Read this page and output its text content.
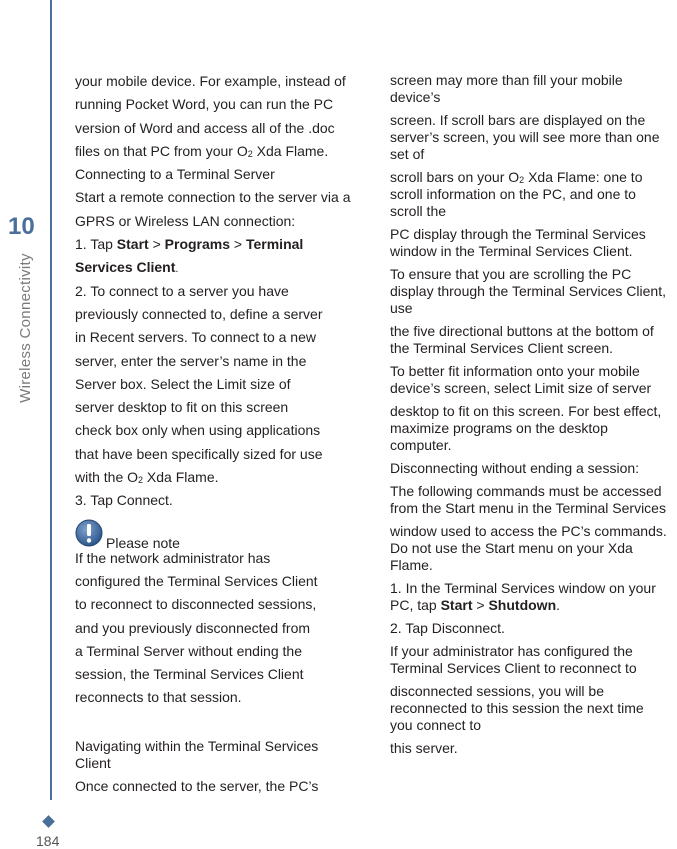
10
Wireless Connectivity
184

your mobile device. For example, instead of

running Pocket Word, you can run the PC

version of Word and access all of the .doc

files on that PC from your $O_2$ Xda Flame.

Connecting to a Terminal Server

Start a remote connection to the server via a

GPRS or Wireless LAN connection:

1. Tap Start > Programs > Terminal

Services Client.

2. To connect to a server you have

previously connected to, define a server

in Recent servers. To connect to a new

server, enter the server’s name in the

Server box. Select the Limit size of

server desktop to fit on this screen

check box only when using applications

that have been specifically sized for use

with the $O_2$ Xda Flame.

3. Tap Connect.

Please note

If the network administrator has

configured the Terminal Services Client

to reconnect to disconnected sessions,

and you previously disconnected from

a Terminal Server without ending the

session, the Terminal Services Client

reconnects to that session.

Navigating within the Terminal Services Client

Once connected to the server, the PC’s

screen may more than fill your mobile device’s

screen. If scroll bars are displayed on the server’s screen, you will see more than one set of

scroll bars on your $O_2$ Xda Flame: one to scroll information on the PC, and one to scroll the

PC display through the Terminal Services window in the Terminal Services Client.

To ensure that you are scrolling the PC display through the Terminal Services Client, use

the five directional buttons at the bottom of the Terminal Services Client screen.

To better fit information onto your mobile device’s screen, select Limit size of server

desktop to fit on this screen. For best effect, maximize programs on the desktop computer.

Disconnecting without ending a session:

The following commands must be accessed from the Start menu in the Terminal Services

window used to access the PC’s commands. Do not use the Start menu on your Xda Flame.

1. In the Terminal Services window on your PC, tap Start > Shutdown.

2. Tap Disconnect.

If your administrator has configured the Terminal Services Client to reconnect to

disconnected sessions, you will be reconnected to this session the next time you connect to

this server.
